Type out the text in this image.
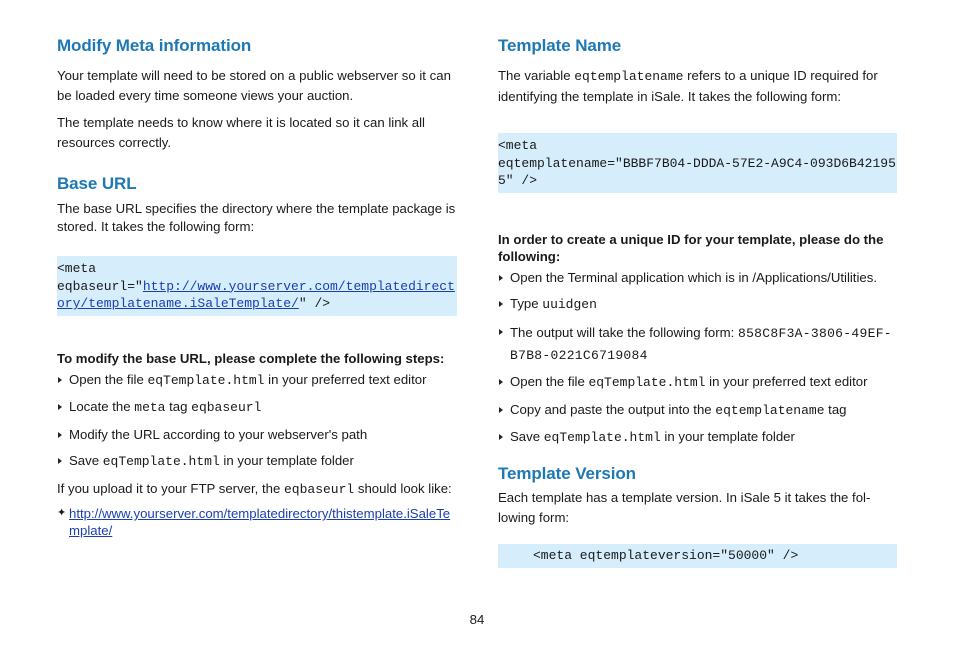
Modify Meta information

Your template will need to be stored on a public webserver so it can be loaded every time someone views your auction.

The template needs to know where it is located so it can link all resources correctly.

Base URL

The base URL specifies the directory where the template package is stored. It takes the following form:

<meta
eqbaseurl="http://www.yourserver.com/templatedirectory/templatename.iSaleTemplate/" />

To modify the base URL, please complete the following steps:

Open the file eqTemplate.html in your preferred text editor
Locate the meta tag eqbaseurl
Modify the URL according to your webserver's path
Save eqTemplate.html in your template folder

If you upload it to your FTP server, the eqbaseurl should look like:

✦ http://www.yourserver.com/templatedirectory/thistemplate.iSaleTemplate/
Template Name

The variable eqtemplatename refers to a unique ID required for identifying the template in iSale. It takes the following form:

<meta
eqtemplatename="BBBF7B04-DDDA-57E2-A9C4-093D6B421955" />

In order to create a unique ID for your template, please do the following:

Open the Terminal application which is in /Applications/Utilities.
Type uuidgen
The output will take the following form: 858C8F3A-3806-49EF-B7B8-0221C6719084
Open the file eqTemplate.html in your preferred text editor
Copy and paste the output into the eqtemplatename tag
Save eqTemplate.html in your template folder
Template Version

Each template has a template version. In iSale 5 it takes the fol-lowing form:

<meta eqtemplateversion="50000" />
84
